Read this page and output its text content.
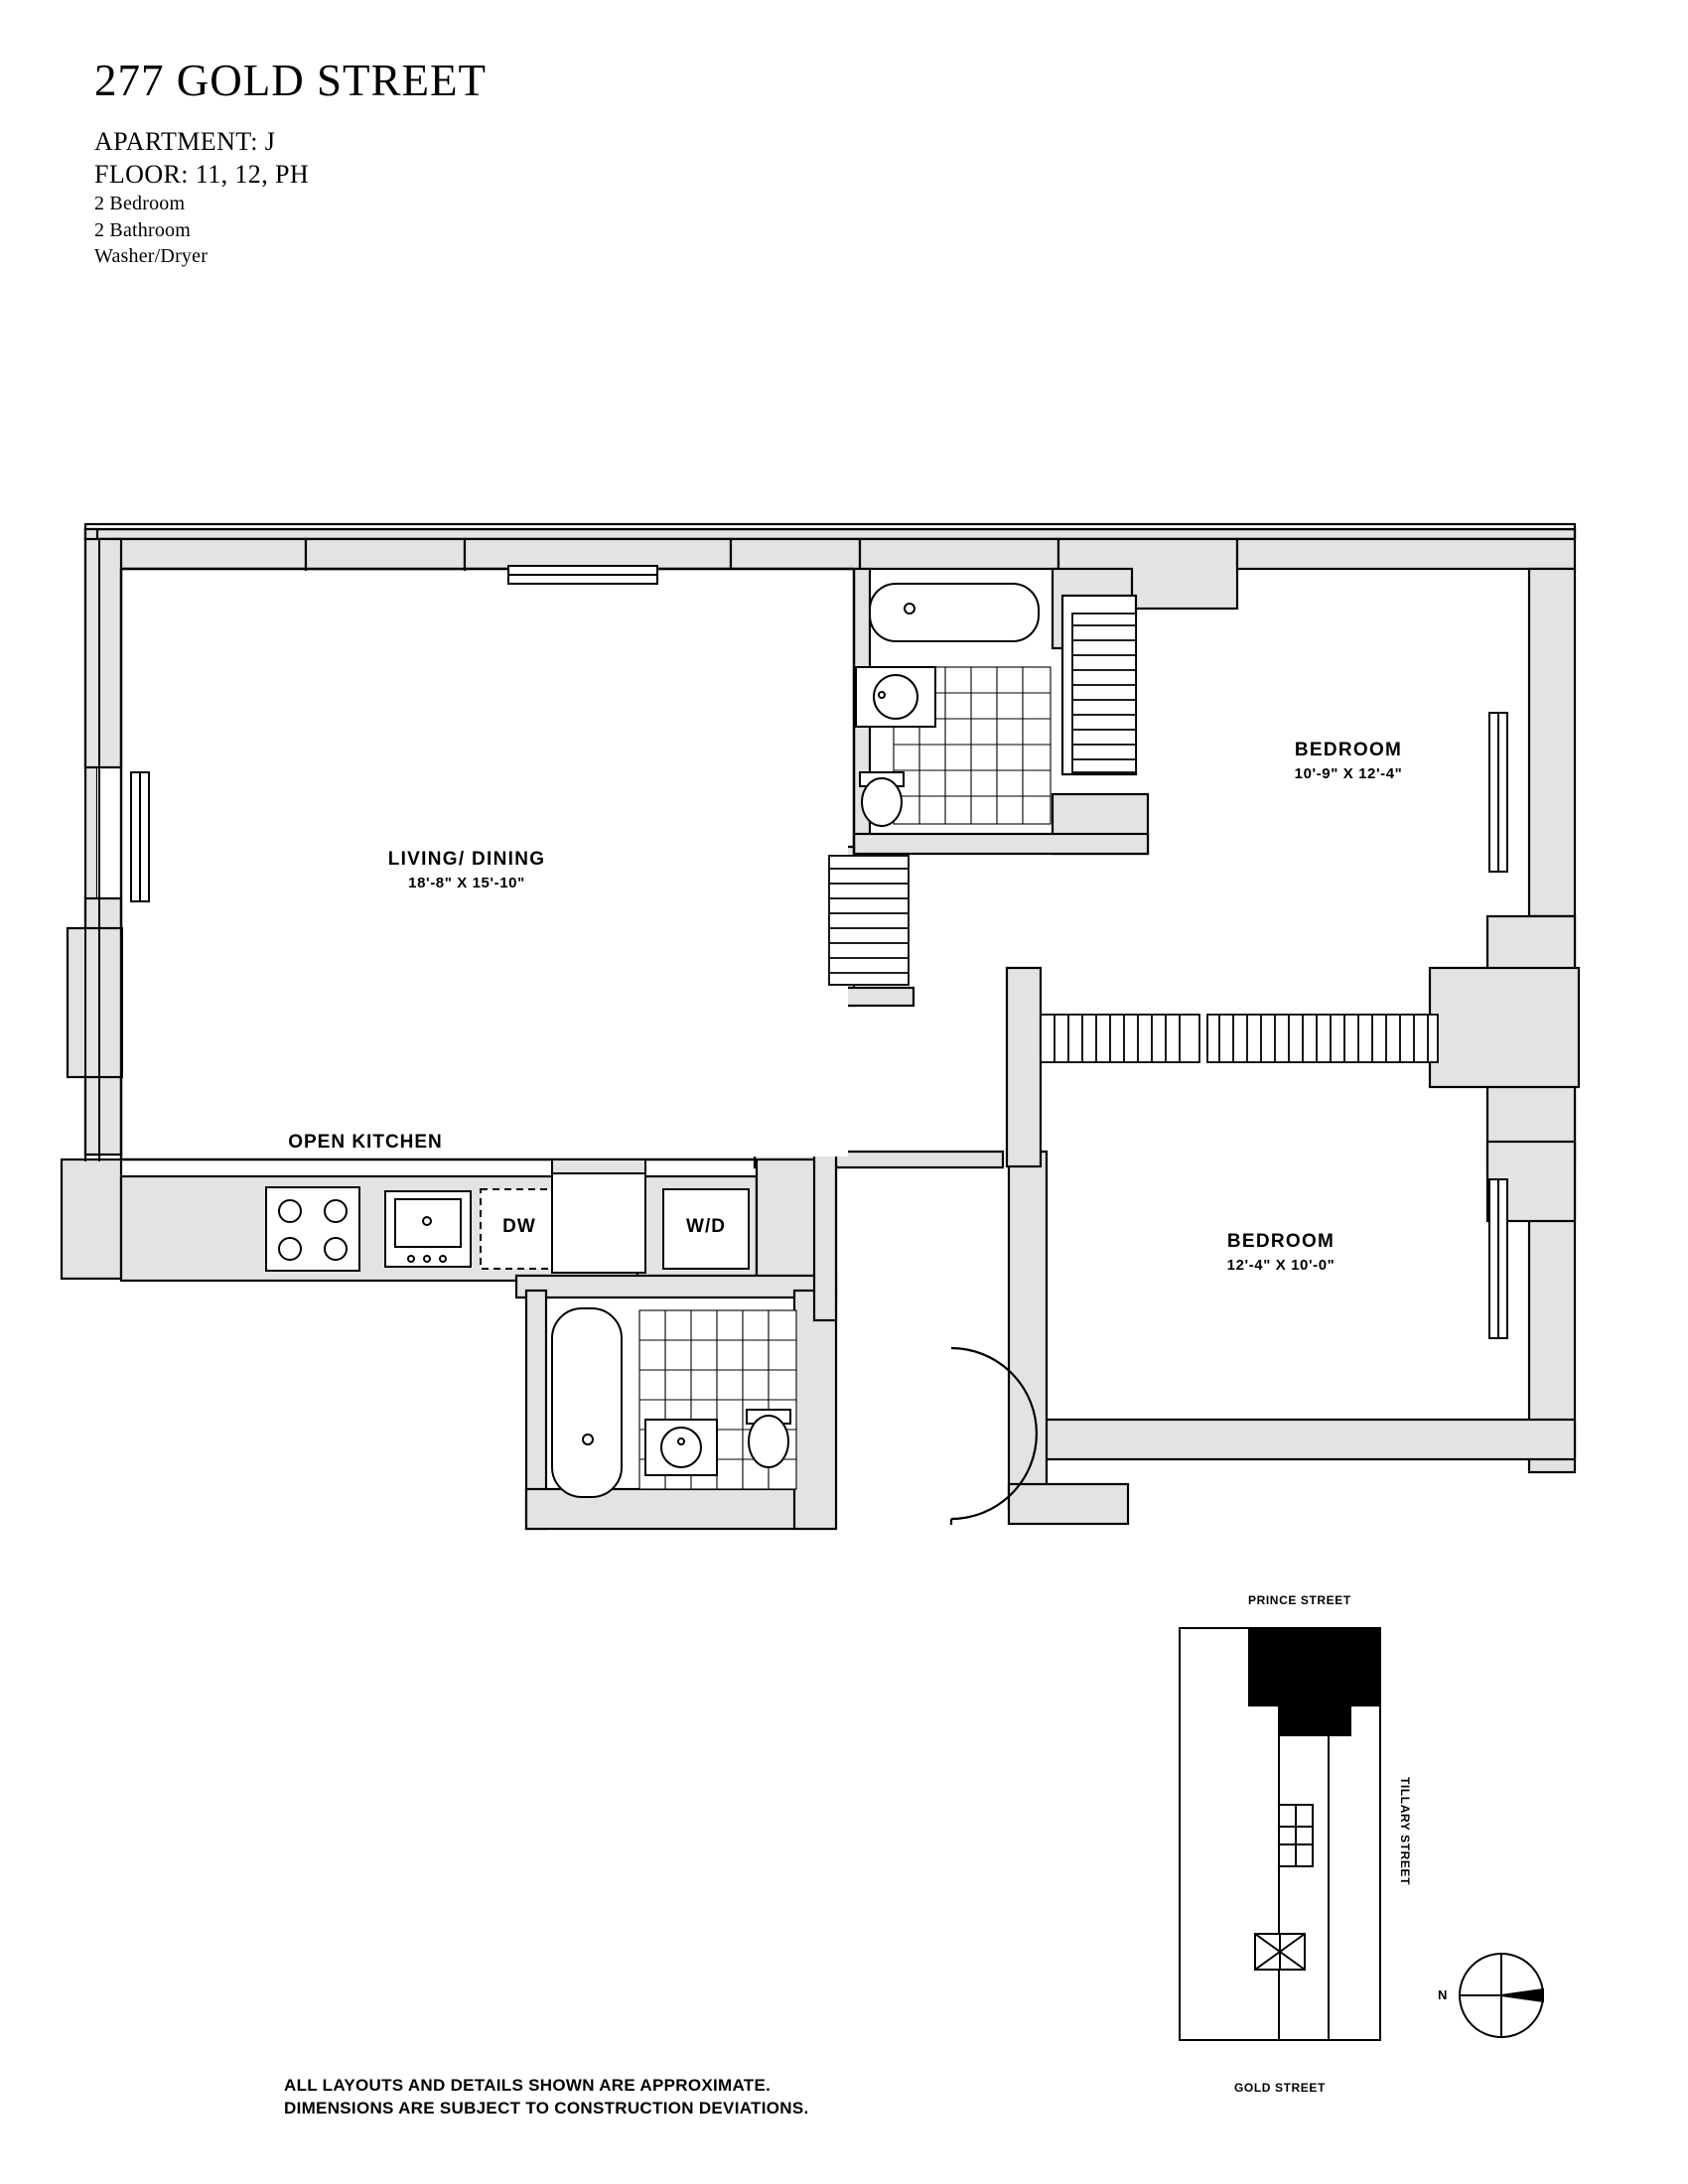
277 GOLD STREET

APARTMENT: J

FLOOR: 11, 12, PH

2 Bedroom

2 Bathroom

Washer/Dryer

LIVING/ DINING
18'-8" X 15'-10"
BEDROOM
10'-9" X 12'-4"
BEDROOM
12'-4" X 10'-0"
OPEN KITCHEN
DW	W/D
PRINCE STREET
TILLARY STREET
GOLD STREET
N
ALL LAYOUTS AND DETAILS SHOWN ARE APPROXIMATE.
DIMENSIONS ARE SUBJECT TO CONSTRUCTION DEVIATIONS.
